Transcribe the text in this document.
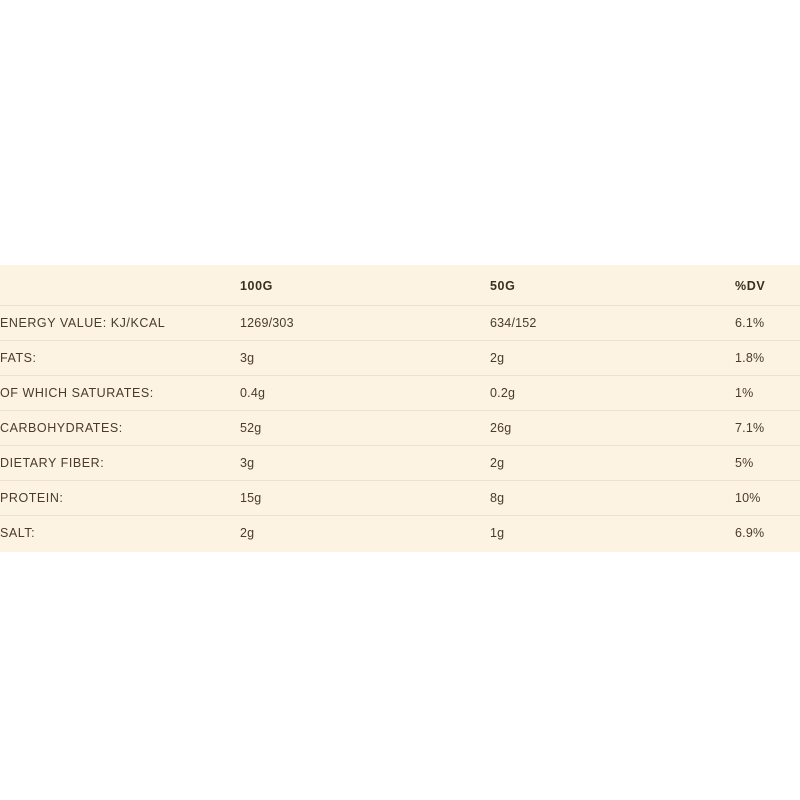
	100G	50G	%DV
ENERGY VALUE: KJ/KCAL	1269/303	634/152	6.1%
FATS:	3g	2g	1.8%
OF WHICH SATURATES:	0.4g	0.2g	1%
CARBOHYDRATES:	52g	26g	7.1%
DIETARY FIBER:	3g	2g	5%
PROTEIN:	15g	8g	10%
SALT:	2g	1g	6.9%
